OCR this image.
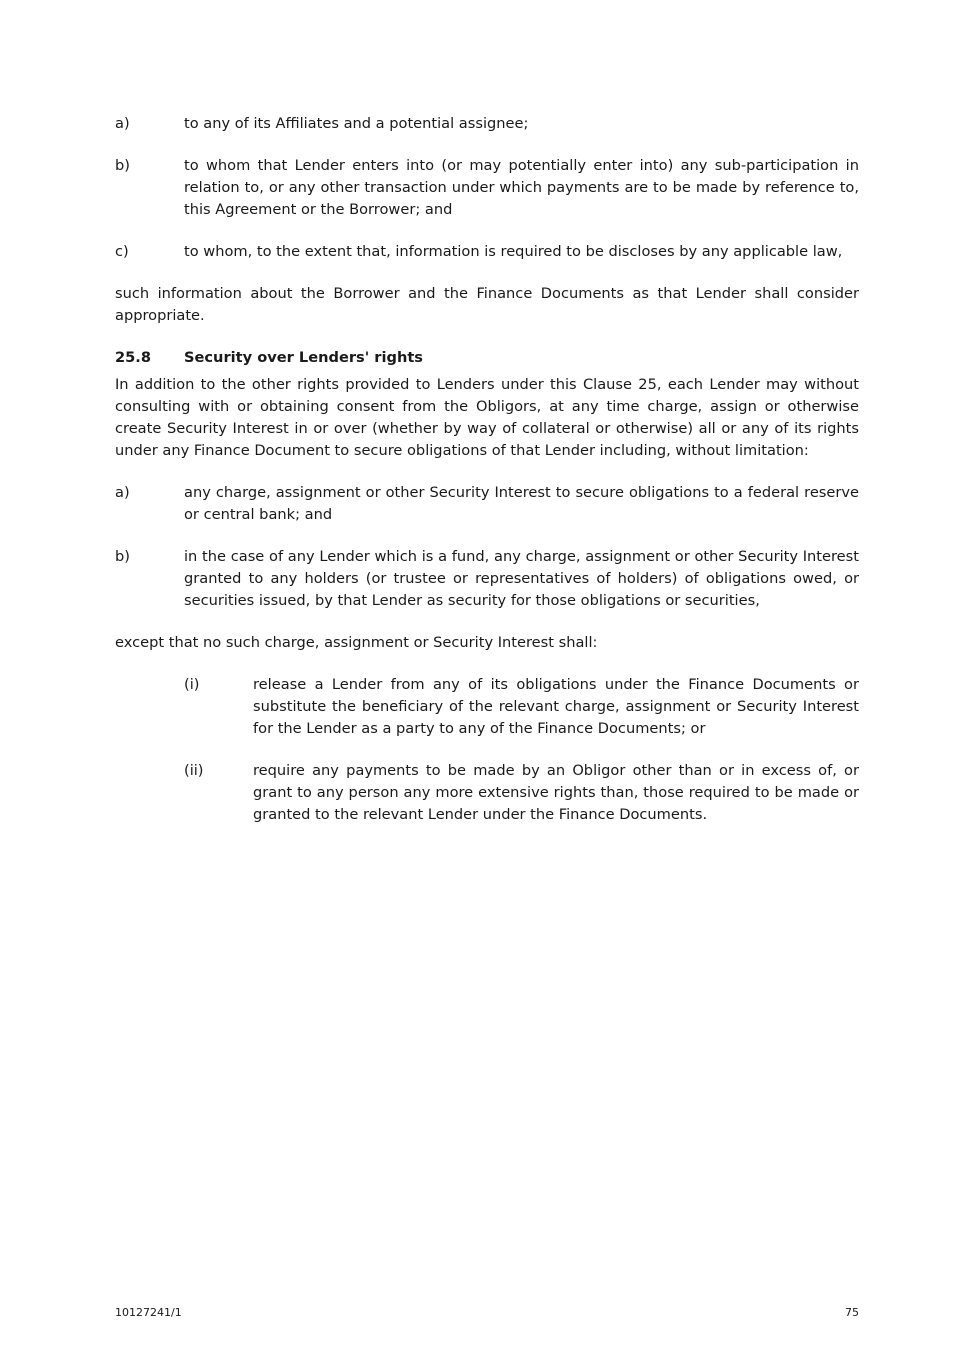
a)	to any of its Affiliates and a potential assignee;
b)	to whom that Lender enters into (or may potentially enter into) any sub-participation in relation to, or any other transaction under which payments are to be made by reference to, this Agreement or the Borrower; and
c)	to whom, to the extent that, information is required to be discloses by any applicable law,
such information about the Borrower and the Finance Documents as that Lender shall consider appropriate.
25.8	Security over Lenders' rights
In addition to the other rights provided to Lenders under this Clause 25, each Lender may without consulting with or obtaining consent from the Obligors, at any time charge, assign or otherwise create Security Interest in or over (whether by way of collateral or otherwise) all or any of its rights under any Finance Document to secure obligations of that Lender including, without limitation:
a)	any charge, assignment or other Security Interest to secure obligations to a federal reserve or central bank; and
b)	in the case of any Lender which is a fund, any charge, assignment or other Security Interest granted to any holders (or trustee or representatives of holders) of obligations owed, or securities issued, by that Lender as security for those obligations or securities,
except that no such charge, assignment or Security Interest shall:
(i)	release a Lender from any of its obligations under the Finance Documents or substitute the beneficiary of the relevant charge, assignment or Security Interest for the Lender as a party to any of the Finance Documents; or
(ii)	require any payments to be made by an Obligor other than or in excess of, or grant to any person any more extensive rights than, those required to be made or granted to the relevant Lender under the Finance Documents.
10127241/1	75
